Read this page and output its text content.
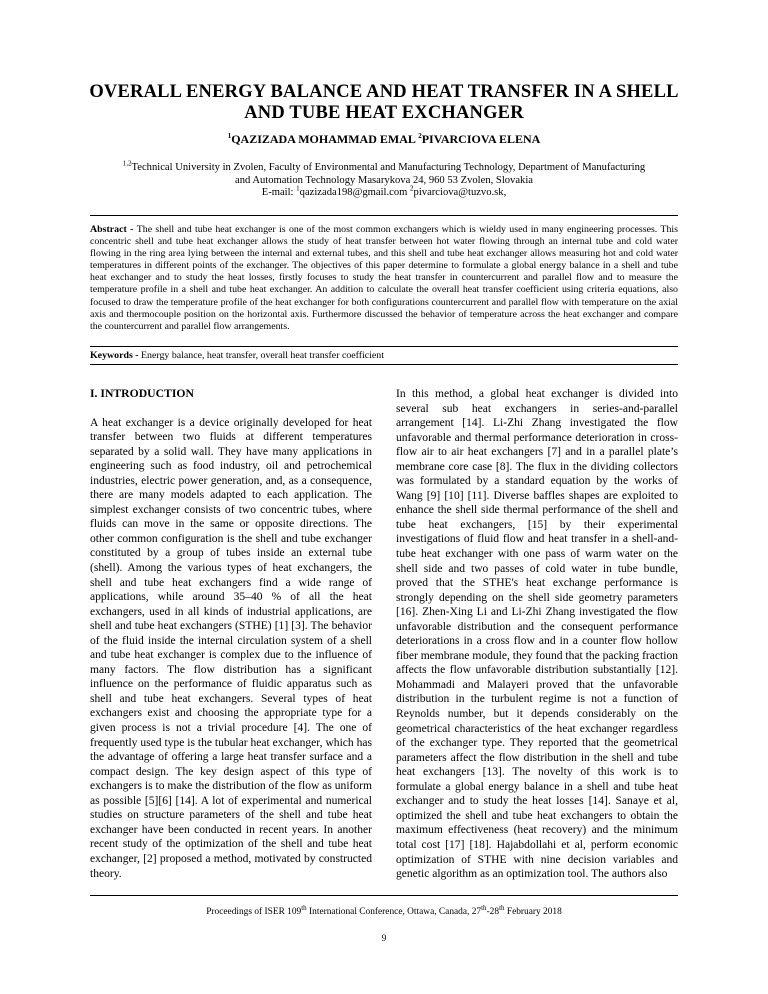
OVERALL ENERGY BALANCE AND HEAT TRANSFER IN A SHELL AND TUBE HEAT EXCHANGER
$^1$QAZIZADA MOHAMMAD EMAL $^2$PIVARCIOVA ELENA
$^{1,2}$Technical University in Zvolen, Faculty of Environmental and Manufacturing Technology, Department of Manufacturing
and Automation Technology Masarykova 24, 960 53 Zvolen, Slovakia
E-mail: $^1$qazizada198@gmail.com $^2$pivarciova@tuzvo.sk,
Abstract - The shell and tube heat exchanger is one of the most common exchangers which is wieldy used in many engineering processes. This concentric shell and tube heat exchanger allows the study of heat transfer between hot water flowing through an internal tube and cold water flowing in the ring area lying between the internal and external tubes, and this shell and tube heat exchanger allows measuring hot and cold water temperatures in different points of the exchanger. The objectives of this paper determine to formulate a global energy balance in a shell and tube heat exchanger and to study the heat losses, firstly focuses to study the heat transfer in countercurrent and parallel flow and to measure the temperature profile in a shell and tube heat exchanger. An addition to calculate the overall heat transfer coefficient using criteria equations, also focused to draw the temperature profile of the heat exchanger for both configurations countercurrent and parallel flow with temperature on the axial axis and thermocouple position on the horizontal axis. Furthermore discussed the behavior of temperature across the heat exchanger and compare the countercurrent and parallel flow arrangements.
Keywords - Energy balance, heat transfer, overall heat transfer coefficient
I. INTRODUCTION

A heat exchanger is a device originally developed for heat transfer between two fluids at different temperatures separated by a solid wall. They have many applications in engineering such as food industry, oil and petrochemical industries, electric power generation, and, as a consequence, there are many models adapted to each application. The simplest exchanger consists of two concentric tubes, where fluids can move in the same or opposite directions. The other common configuration is the shell and tube exchanger constituted by a group of tubes inside an external tube (shell). Among the various types of heat exchangers, the shell and tube heat exchangers find a wide range of applications, while around 35–40 % of all the heat exchangers, used in all kinds of industrial applications, are shell and tube heat exchangers (STHE) [1] [3]. The behavior of the fluid inside the internal circulation system of a shell and tube heat exchanger is complex due to the influence of many factors. The flow distribution has a significant influence on the performance of fluidic apparatus such as shell and tube heat exchangers. Several types of heat exchangers exist and choosing the appropriate type for a given process is not a trivial procedure [4]. The one of frequently used type is the tubular heat exchanger, which has the advantage of offering a large heat transfer surface and a compact design. The key design aspect of this type of exchangers is to make the distribution of the flow as uniform as possible [5][6] [14]. A lot of experimental and numerical studies on structure parameters of the shell and tube heat exchanger have been conducted in recent years. In another recent study of the optimization of the shell and tube heat exchanger, [2] proposed a method, motivated by constructed theory.

In this method, a global heat exchanger is divided into several sub heat exchangers in series-and-parallel arrangement [14]. Li-Zhi Zhang investigated the flow unfavorable and thermal performance deterioration in cross-flow air to air heat exchangers [7] and in a parallel plate’s membrane core case [8]. The flux in the dividing collectors was formulated by a standard equation by the works of Wang [9] [10] [11]. Diverse baffles shapes are exploited to enhance the shell side thermal performance of the shell and tube heat exchangers, [15] by their experimental investigations of fluid flow and heat transfer in a shell-and-tube heat exchanger with one pass of warm water on the shell side and two passes of cold water in tube bundle, proved that the STHE's heat exchange performance is strongly depending on the shell side geometry parameters [16]. Zhen-Xing Li and Li-Zhi Zhang investigated the flow unfavorable distribution and the consequent performance deteriorations in a cross flow and in a counter flow hollow fiber membrane module, they found that the packing fraction affects the flow unfavorable distribution substantially [12]. Mohammadi and Malayeri proved that the unfavorable distribution in the turbulent regime is not a function of Reynolds number, but it depends considerably on the geometrical characteristics of the heat exchanger regardless of the exchanger type. They reported that the geometrical parameters affect the flow distribution in the shell and tube heat exchangers [13]. The novelty of this work is to formulate a global energy balance in a shell and tube heat exchanger and to study the heat losses [14]. Sanaye et al, optimized the shell and tube heat exchangers to obtain the maximum effectiveness (heat recovery) and the minimum total cost [17] [18]. Hajabdollahi et al, perform economic optimization of STHE with nine decision variables and genetic algorithm as an optimization tool. The authors also

Proceedings of ISER 109th International Conference, Ottawa, Canada, 27th-28th February 2018
9
